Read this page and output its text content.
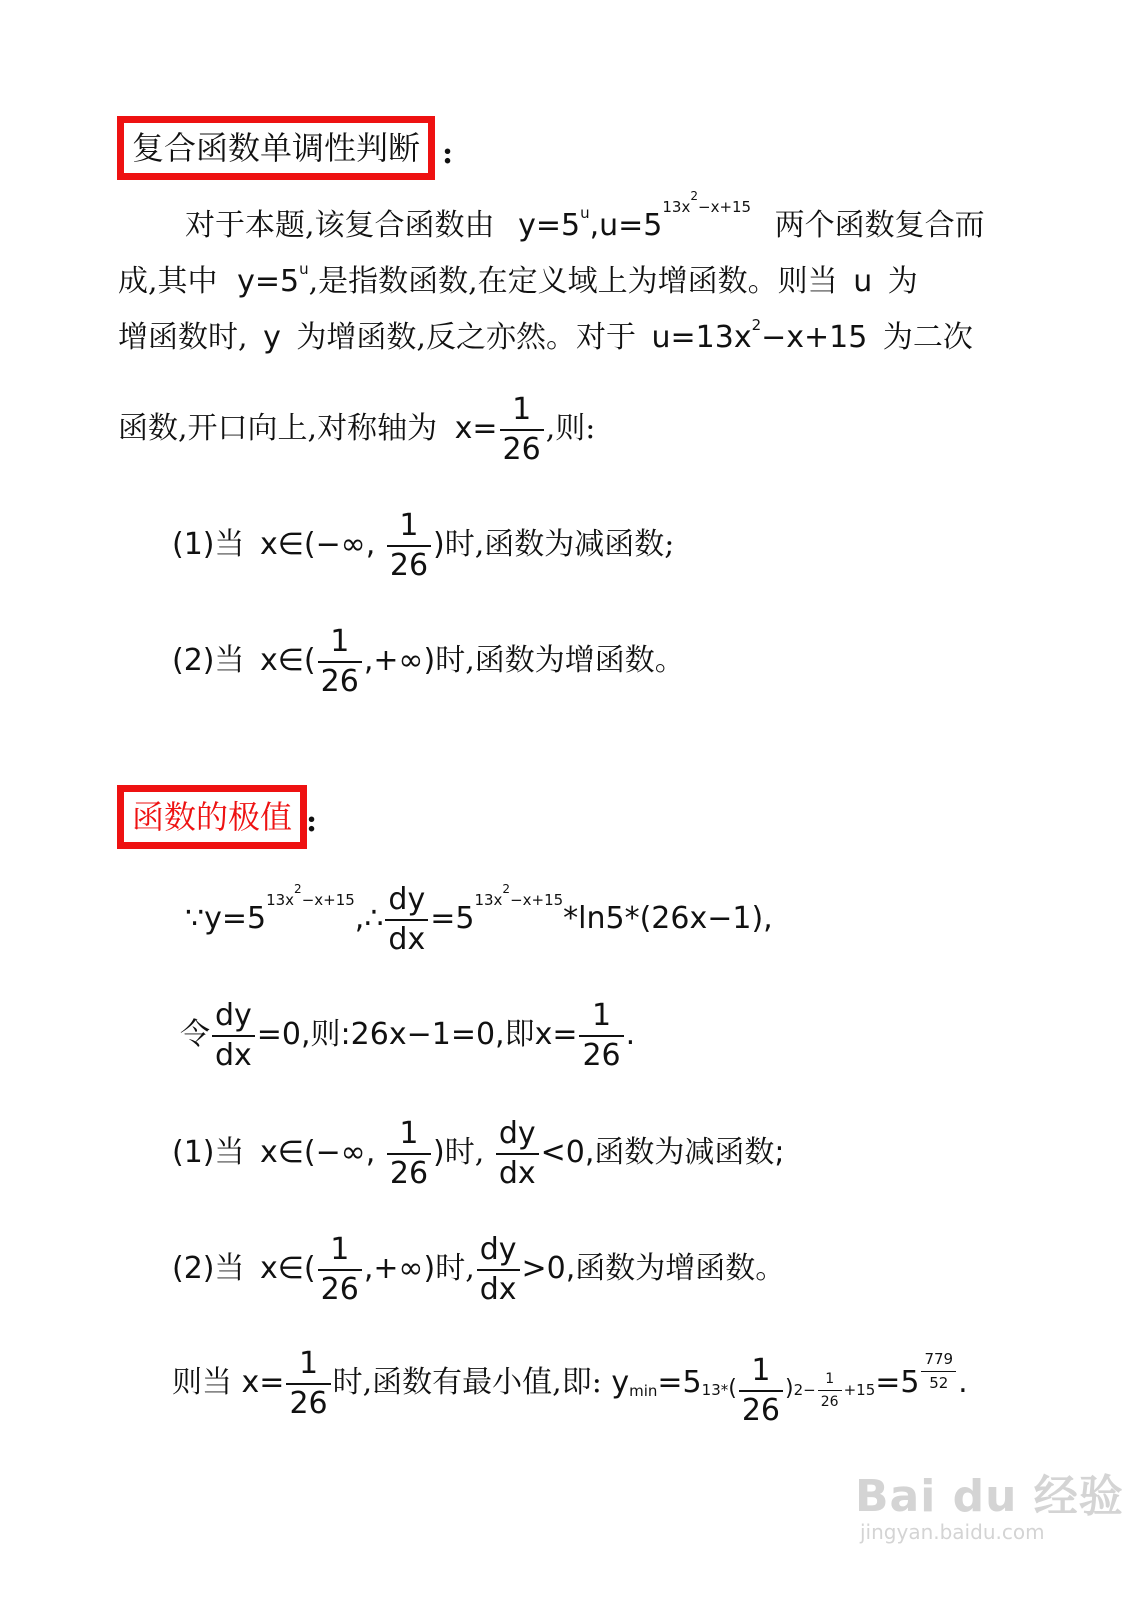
复合函数单调性判断 :
对于本题,该复合函数由 $y=5^u,u=5^{13x^2-x+15}$ 两个函数复合而
成,其中 $y=5^u$,是指数函数,在定义域上为增函数。则当 u 为
增函数时, y 为增函数,反之亦然。对于 $u=13x^2-x+15$ 为二次
函数,开口向上,对称轴为 $x= \frac{1}{26}$ ,则:
(1)当 x∈(−∞, $\frac{1}{26}$ )时,函数为减函数;
(2)当 x∈( $\frac{1}{26}$ ,+∞)时,函数为增函数。
函数的极值 :
$\because y=5^{13x^2-x+15},\therefore \frac{dy}{dx} =5^{13x^2-x+15}*\ln 5*(26x-1)$,
令 $\frac{dy}{dx} =0$,则:26x−1=0,即$x= \frac{1}{26}$ .
(1)当 x∈(−∞, $\frac{1}{26}$ )时, $\frac{dy}{dx} <0$,函数为减函数;
(2)当 x∈( $\frac{1}{26}$ ,+∞)时, $\frac{dy}{dx} >0$,函数为增函数。
则当 $x= \frac{1}{26}$ 时,函数有最小值,即: $ymin=513*( \frac{1}{26} )2- \frac{1}{26} +15=5 \frac{779}{52}$ .
Bai du 经验
jingyan.baidu.com
